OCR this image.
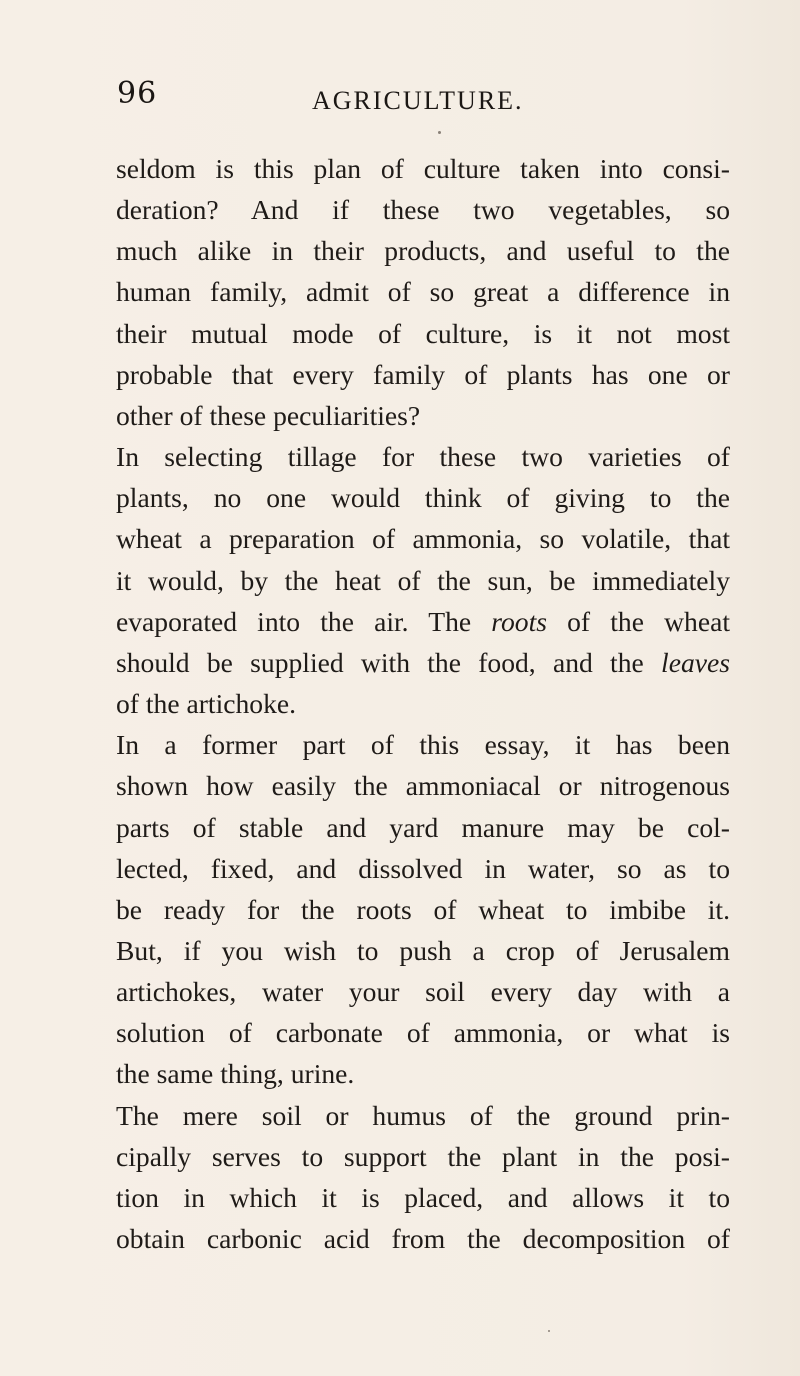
96	AGRICULTURE.
seldom is this plan of culture taken into consi-
deration? And if these two vegetables, so
much alike in their products, and useful to the
human family, admit of so great a difference in
their mutual mode of culture, is it not most
probable that every family of plants has one or
other of these peculiarities?
In selecting tillage for these two varieties of
plants, no one would think of giving to the
wheat a preparation of ammonia, so volatile, that
it would, by the heat of the sun, be immediately
evaporated into the air. The roots of the wheat
should be supplied with the food, and the leaves
of the artichoke.
In a former part of this essay, it has been
shown how easily the ammoniacal or nitrogenous
parts of stable and yard manure may be col-
lected, fixed, and dissolved in water, so as to
be ready for the roots of wheat to imbibe it.
But, if you wish to push a crop of Jerusalem
artichokes, water your soil every day with a
solution of carbonate of ammonia, or what is
the same thing, urine.
The mere soil or humus of the ground prin-
cipally serves to support the plant in the posi-
tion in which it is placed, and allows it to
obtain carbonic acid from the decomposition of
